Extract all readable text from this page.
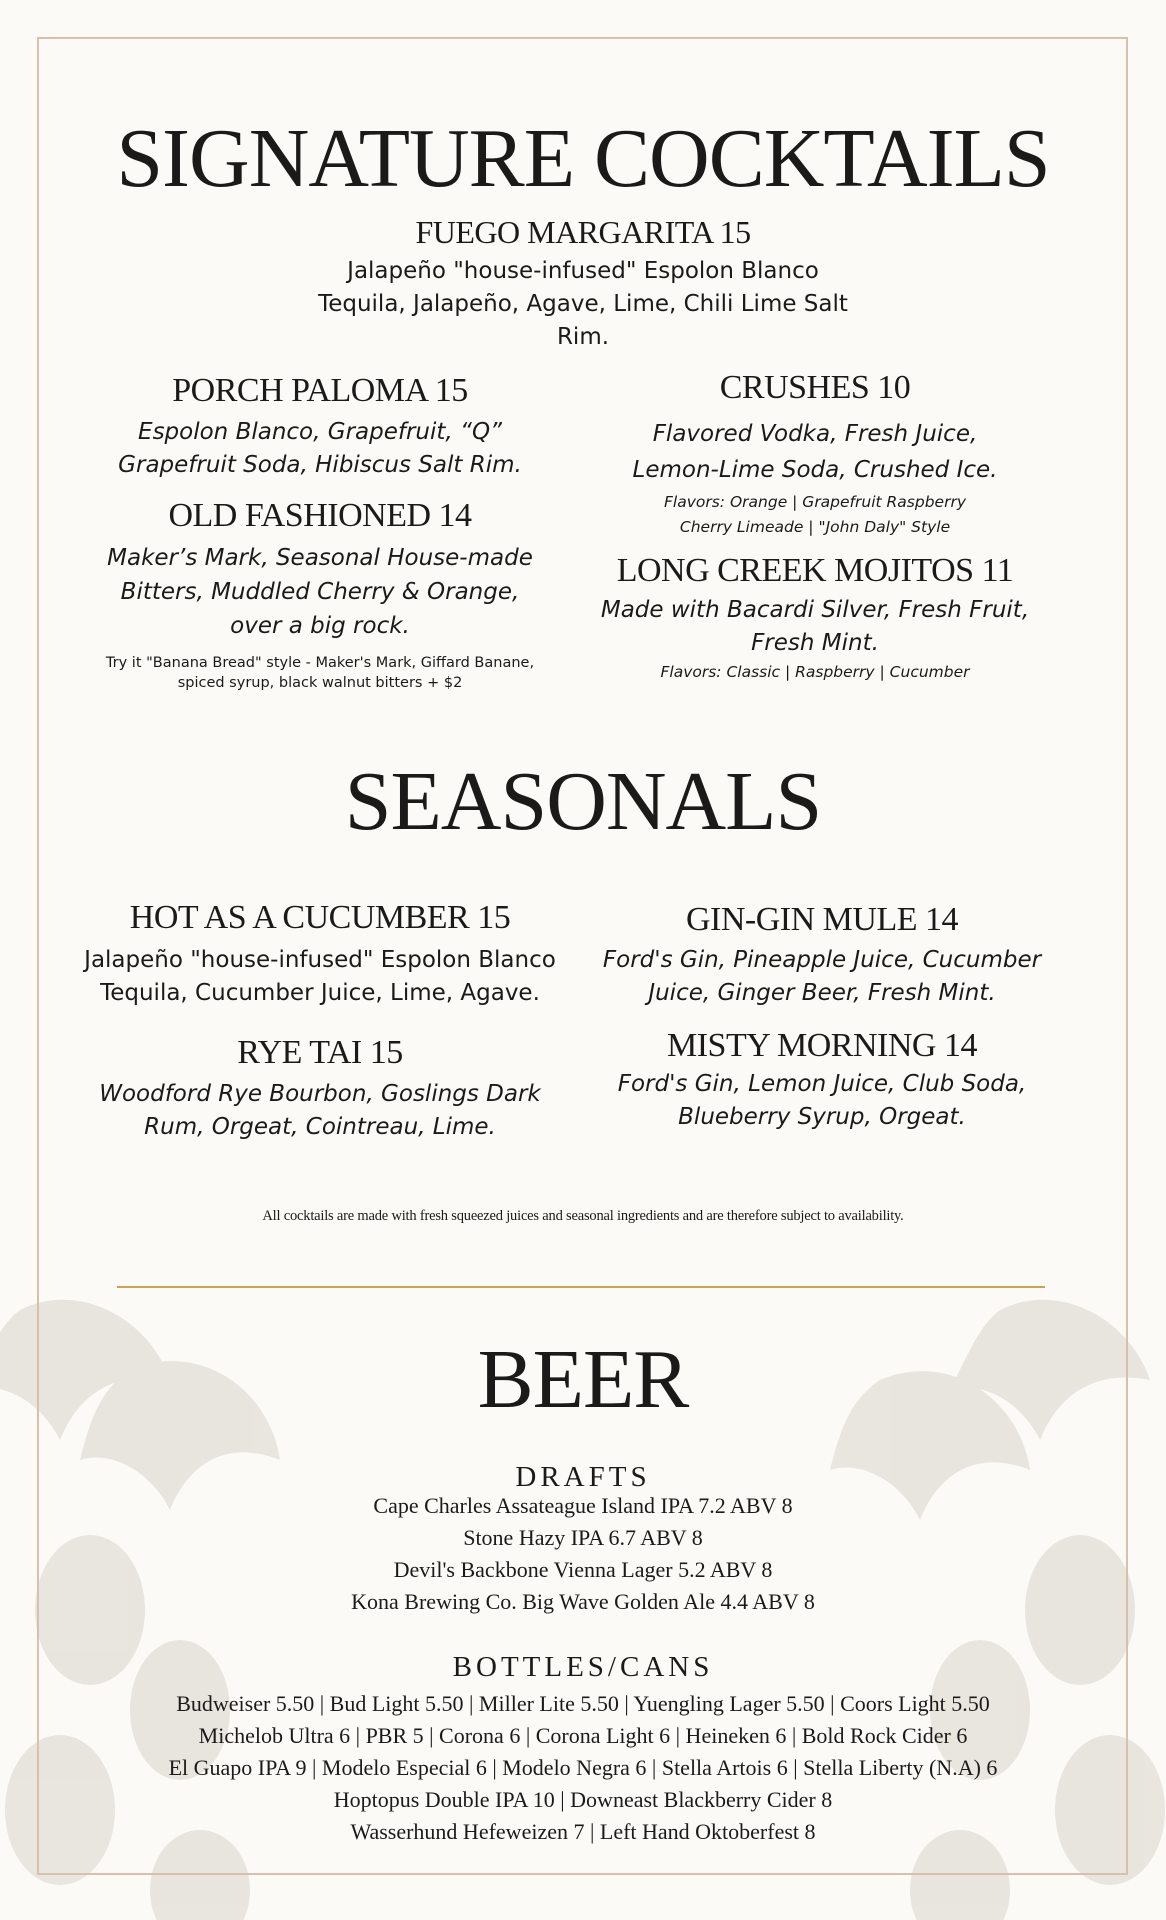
SIGNATURE COCKTAILS
FUEGO MARGARITA 15
Jalapeño "house-infused" Espolon Blanco
Tequila, Jalapeño, Agave, Lime, Chili Lime Salt
Rim.
PORCH PALOMA 15
Espolon Blanco, Grapefruit, “Q”
Grapefruit Soda, Hibiscus Salt Rim.
OLD FASHIONED 14
Maker’s Mark, Seasonal House-made
Bitters, Muddled Cherry & Orange,
over a big rock.
Try it "Banana Bread" style - Maker's Mark, Giffard Banane,
spiced syrup, black walnut bitters + $2
CRUSHES 10
Flavored Vodka, Fresh Juice,
Lemon-Lime Soda, Crushed Ice.
Flavors: Orange | Grapefruit Raspberry
Cherry Limeade | "John Daly" Style
LONG CREEK MOJITOS 11
Made with Bacardi Silver, Fresh Fruit,
Fresh Mint.
Flavors: Classic | Raspberry | Cucumber
SEASONALS
HOT AS A CUCUMBER 15
Jalapeño "house-infused" Espolon Blanco
Tequila, Cucumber Juice, Lime, Agave.
RYE TAI 15
Woodford Rye Bourbon, Goslings Dark
Rum, Orgeat, Cointreau, Lime.
GIN-GIN MULE 14
Ford's Gin, Pineapple Juice, Cucumber
Juice, Ginger Beer, Fresh Mint.
MISTY MORNING 14
Ford's Gin, Lemon Juice, Club Soda,
Blueberry Syrup, Orgeat.
All cocktails are made with fresh squeezed juices and seasonal ingredients and are therefore subject to availability.
BEER
DRAFTS
Cape Charles Assateague Island IPA 7.2 ABV 8
Stone Hazy IPA 6.7 ABV 8
Devil's Backbone Vienna Lager 5.2 ABV 8
Kona Brewing Co. Big Wave Golden Ale 4.4 ABV 8
BOTTLES/CANS
Budweiser 5.50 | Bud Light 5.50 | Miller Lite 5.50 | Yuengling Lager 5.50 | Coors Light 5.50
Michelob Ultra 6 | PBR 5 | Corona 6 | Corona Light 6 | Heineken 6 | Bold Rock Cider 6
El Guapo IPA 9 | Modelo Especial 6 | Modelo Negra 6 | Stella Artois 6 | Stella Liberty (N.A) 6
Hoptopus Double IPA 10 | Downeast Blackberry Cider 8
Wasserhund Hefeweizen 7 | Left Hand Oktoberfest 8
